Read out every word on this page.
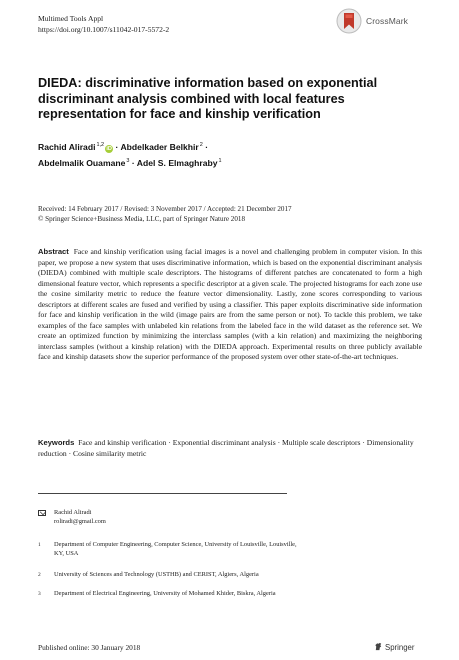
Multimed Tools Appl
https://doi.org/10.1007/s11042-017-5572-2
CrossMark
DIEDA: discriminative information based on exponential discriminant analysis combined with local features representation for face and kinship verification
Rachid Aliradi$^{1,2}$iD · Abdelkader Belkhir$^2$ ·
Abdelmalik Ouamane$^3$ · Adel S. Elmaghraby$^1$
Received: 14 February 2017 / Revised: 3 November 2017 / Accepted: 21 December 2017
© Springer Science+Business Media, LLC, part of Springer Nature 2018
Abstract Face and kinship verification using facial images is a novel and challenging problem in computer vision. In this paper, we propose a new system that uses discriminative information, which is based on the exponential discriminant analysis (DIEDA) combined with multiple scale descriptors. The histograms of different patches are concatenated to form a high dimensional feature vector, which represents a specific descriptor at a given scale. The projected histograms for each zone use the cosine similarity metric to reduce the feature vector dimensionality. Lastly, zone scores corresponding to various descriptors at different scales are fused and verified by using a classifier. This paper exploits discriminative side information for face and kinship verification in the wild (image pairs are from the same person or not). To tackle this problem, we take examples of the face samples with unlabeled kin relations from the labeled face in the wild dataset as the reference set. We create an optimized function by minimizing the interclass samples (with a kin relation) and maximizing the neighboring interclass samples (without a kinship relation) with the DIEDA approach. Experimental results on three publicly available face and kinship datasets show the superior performance of the proposed system over other state-of-the-art techniques.
Keywords Face and kinship verification · Exponential discriminant analysis · Multiple scale descriptors · Dimensionality reduction · Cosine similarity metric
Rachid Aliradi
roliradi@gmail.com
1 Department of Computer Engineering, Computer Science, University of Louisville, Louisville, KY, USA
2 University of Sciences and Technology (USTHB) and CERIST, Algiers, Algeria
3 Department of Electrical Engineering, University of Mohamed Khider, Biskra, Algeria
Published online: 30 January 2018	Springer
